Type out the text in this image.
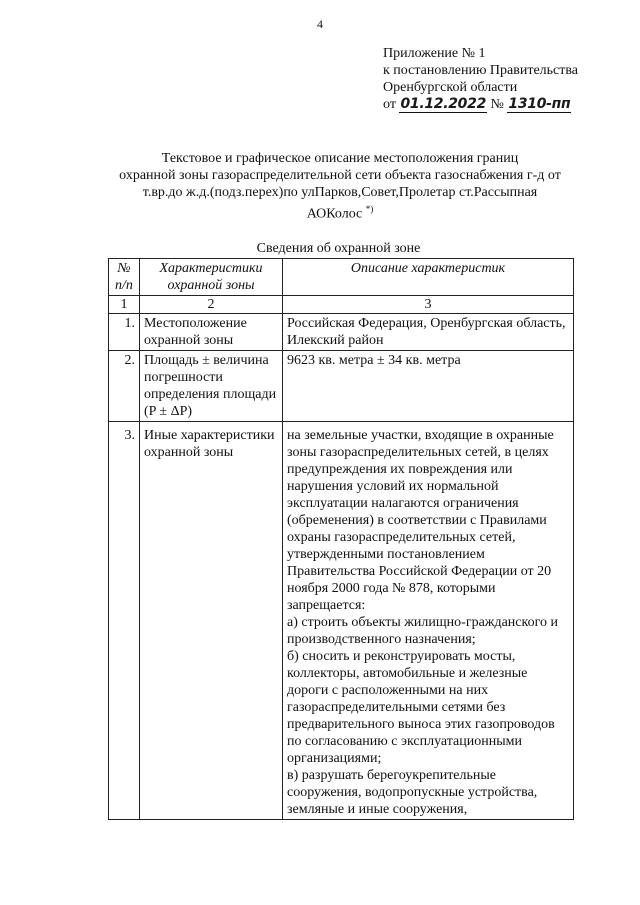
4
Приложение № 1
к постановлению Правительства
Оренбургской области
от 01.12.2022 № 1310-пп
Текстовое и графическое описание местоположения границ
охранной зоны газораспределительной сети объекта газоснабжения г-д от
т.вр.до ж.д.(подз.перех)по улПарков,Совет,Пролетар ст.Рассыпная
АОКолос *)
Сведения об охранной зоне
№ п/п	Характеристики охранной зоны	Описание характеристик
1	2	3
1.	Местоположение охранной зоны	Российская Федерация, Оренбургская область, Илекский район
2.	Площадь ± величина погрешности определения площади (P ± ΔP)	9623 кв. метра ± 34 кв. метра

3.	Иные характеристики охранной зоны	на земельные участки, входящие в охранные зоны газораспределительных сетей, в целях предупреждения их повреждения или нарушения условий их нормальной эксплуатации налагаются ограничения (обременения) в соответствии с Правилами охраны газораспределительных сетей, утвержденными постановлением Правительства Российской Федерации от 20 ноября 2000 года № 878, которыми запрещается:
а) строить объекты жилищно-гражданского и производственного назначения;
б) сносить и реконструировать мосты, коллекторы, автомобильные и железные дороги с расположенными на них газораспределительными сетями без предварительного выноса этих газопроводов по согласованию с эксплуатационными организациями;
в) разрушать берегоукрепительные сооружения, водопропускные устройства, земляные и иные сооружения,
